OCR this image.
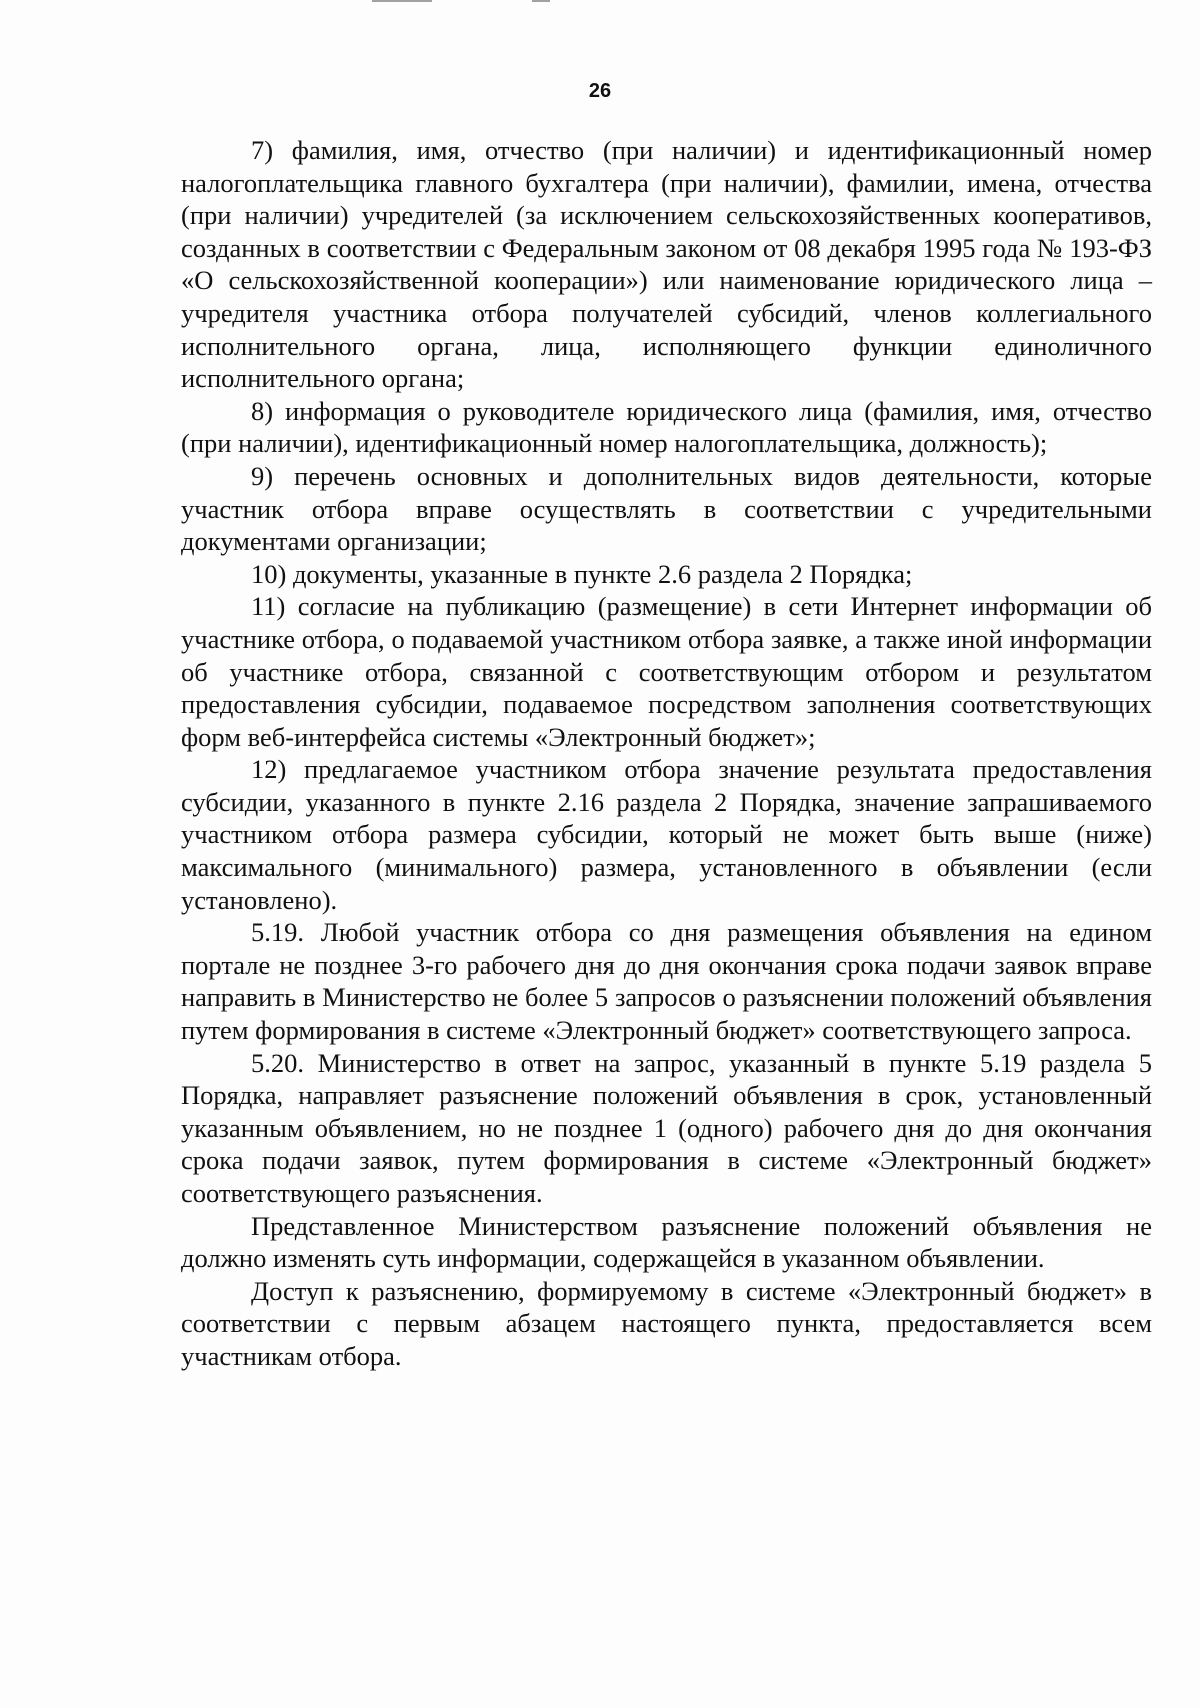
26

7) фамилия, имя, отчество (при наличии) и идентификационный номер налогоплательщика главного бухгалтера (при наличии), фамилии, имена, отчества (при наличии) учредителей (за исключением сельскохозяйственных кооперативов, созданных в соответствии с Федеральным законом от 08 декабря 1995 года № 193-ФЗ «О сельскохозяйственной кооперации») или наименование юридического лица – учредителя участника отбора получателей субсидий, членов коллегиального исполнительного органа, лица, исполняющего функции единоличного исполнительного органа;

8) информация о руководителе юридического лица (фамилия, имя, отчество (при наличии), идентификационный номер налогоплательщика, должность);

9) перечень основных и дополнительных видов деятельности, которые участник отбора вправе осуществлять в соответствии с учредительными документами организации;

10) документы, указанные в пункте 2.6 раздела 2 Порядка;

11) согласие на публикацию (размещение) в сети Интернет информации об участнике отбора, о подаваемой участником отбора заявке, а также иной информации об участнике отбора, связанной с соответствующим отбором и результатом предоставления субсидии, подаваемое посредством заполнения соответствующих форм веб-интерфейса системы «Электронный бюджет»;

12) предлагаемое участником отбора значение результата предоставления субсидии, указанного в пункте 2.16 раздела 2 Порядка, значение запрашиваемого участником отбора размера субсидии, который не может быть выше (ниже) максимального (минимального) размера, установленного в объявлении (если установлено).

5.19. Любой участник отбора со дня размещения объявления на едином портале не позднее 3-го рабочего дня до дня окончания срока подачи заявок вправе направить в Министерство не более 5 запросов о разъяснении положений объявления путем формирования в системе «Электронный бюджет» соответствующего запроса.

5.20. Министерство в ответ на запрос, указанный в пункте 5.19 раздела 5 Порядка, направляет разъяснение положений объявления в срок, установленный указанным объявлением, но не позднее 1 (одного) рабочего дня до дня окончания срока подачи заявок, путем формирования в системе «Электронный бюджет» соответствующего разъяснения.

Представленное Министерством разъяснение положений объявления не должно изменять суть информации, содержащейся в указанном объявлении.

Доступ к разъяснению, формируемому в системе «Электронный бюджет» в соответствии с первым абзацем настоящего пункта, предоставляется всем участникам отбора.
